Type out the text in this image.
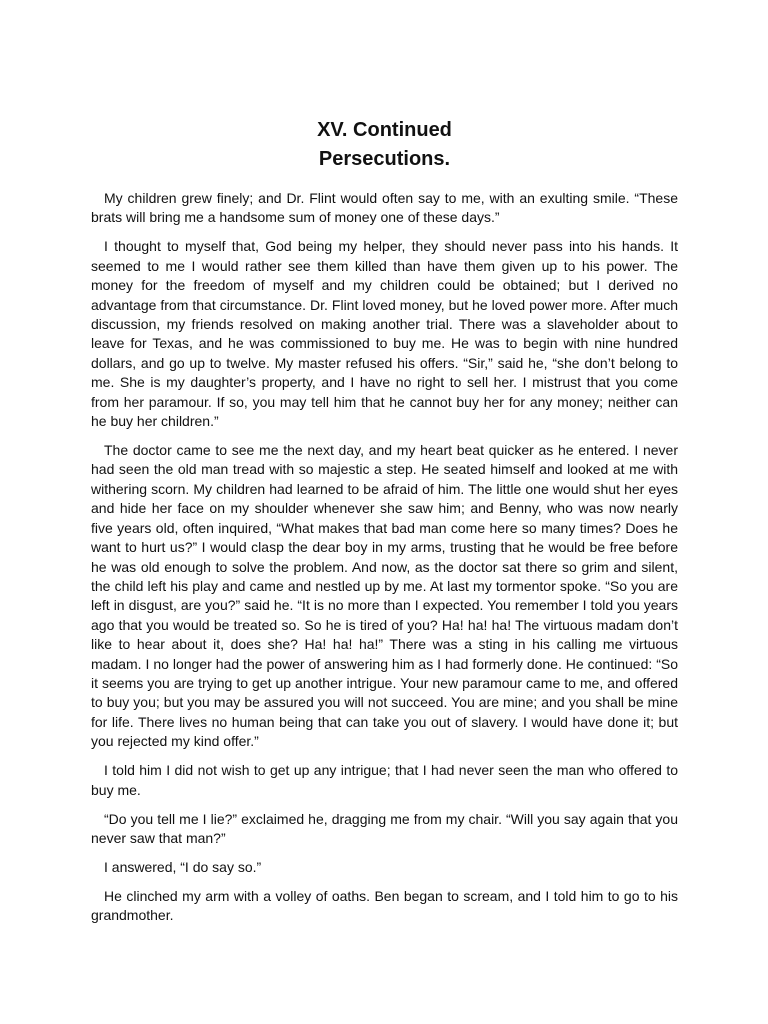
XV. Continued
Persecutions.

My children grew finely; and Dr. Flint would often say to me, with an exulting smile. “These brats will bring me a handsome sum of money one of these days.”

I thought to myself that, God being my helper, they should never pass into his hands. It seemed to me I would rather see them killed than have them given up to his power. The money for the freedom of myself and my children could be obtained; but I derived no advantage from that circumstance. Dr. Flint loved money, but he loved power more. After much discussion, my friends resolved on making another trial. There was a slaveholder about to leave for Texas, and he was commissioned to buy me. He was to begin with nine hundred dollars, and go up to twelve. My master refused his offers. “Sir,” said he, “she don’t belong to me. She is my daughter’s property, and I have no right to sell her. I mistrust that you come from her paramour. If so, you may tell him that he cannot buy her for any money; neither can he buy her children.”

The doctor came to see me the next day, and my heart beat quicker as he entered. I never had seen the old man tread with so majestic a step. He seated himself and looked at me with withering scorn. My children had learned to be afraid of him. The little one would shut her eyes and hide her face on my shoulder whenever she saw him; and Benny, who was now nearly five years old, often inquired, “What makes that bad man come here so many times? Does he want to hurt us?” I would clasp the dear boy in my arms, trusting that he would be free before he was old enough to solve the problem. And now, as the doctor sat there so grim and silent, the child left his play and came and nestled up by me. At last my tormentor spoke. “So you are left in disgust, are you?” said he. “It is no more than I expected. You remember I told you years ago that you would be treated so. So he is tired of you? Ha! ha! ha! The virtuous madam don’t like to hear about it, does she? Ha! ha! ha!” There was a sting in his calling me virtuous madam. I no longer had the power of answering him as I had formerly done. He continued: “So it seems you are trying to get up another intrigue. Your new paramour came to me, and offered to buy you; but you may be assured you will not succeed. You are mine; and you shall be mine for life. There lives no human being that can take you out of slavery. I would have done it; but you rejected my kind offer.”

I told him I did not wish to get up any intrigue; that I had never seen the man who offered to buy me.

“Do you tell me I lie?” exclaimed he, dragging me from my chair. “Will you say again that you never saw that man?”

I answered, “I do say so.”

He clinched my arm with a volley of oaths. Ben began to scream, and I told him to go to his grandmother.
